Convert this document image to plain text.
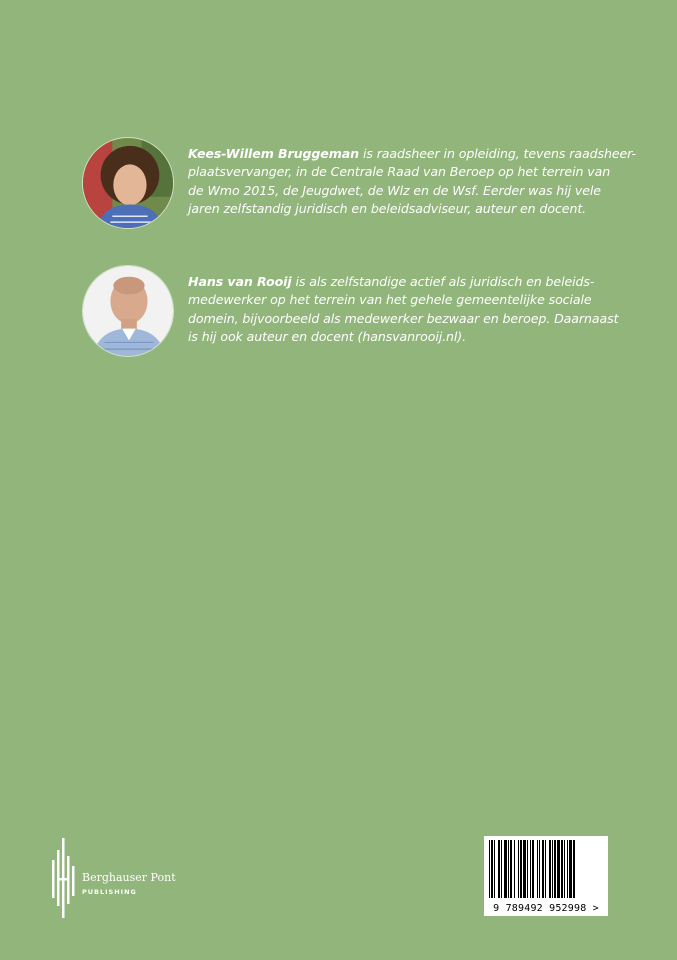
Kees-Willem Bruggeman is raadsheer in opleiding, tevens raadsheer-
plaatsvervanger, in de Centrale Raad van Beroep op het terrein van
de Wmo 2015, de Jeugdwet, de Wlz en de Wsf. Eerder was hij vele
jaren zelfstandig juridisch en beleidsadviseur, auteur en docent.
Hans van Rooij is als zelfstandige actief als juridisch en beleids-
medewerker op het terrein van het gehele gemeentelijke sociale
domein, bijvoorbeeld als medewerker bezwaar en beroep. Daarnaast
is hij ook auteur en docent (hansvanrooij.nl).
Berghauser Pont
PUBLISHING
9 789492 952998 >
